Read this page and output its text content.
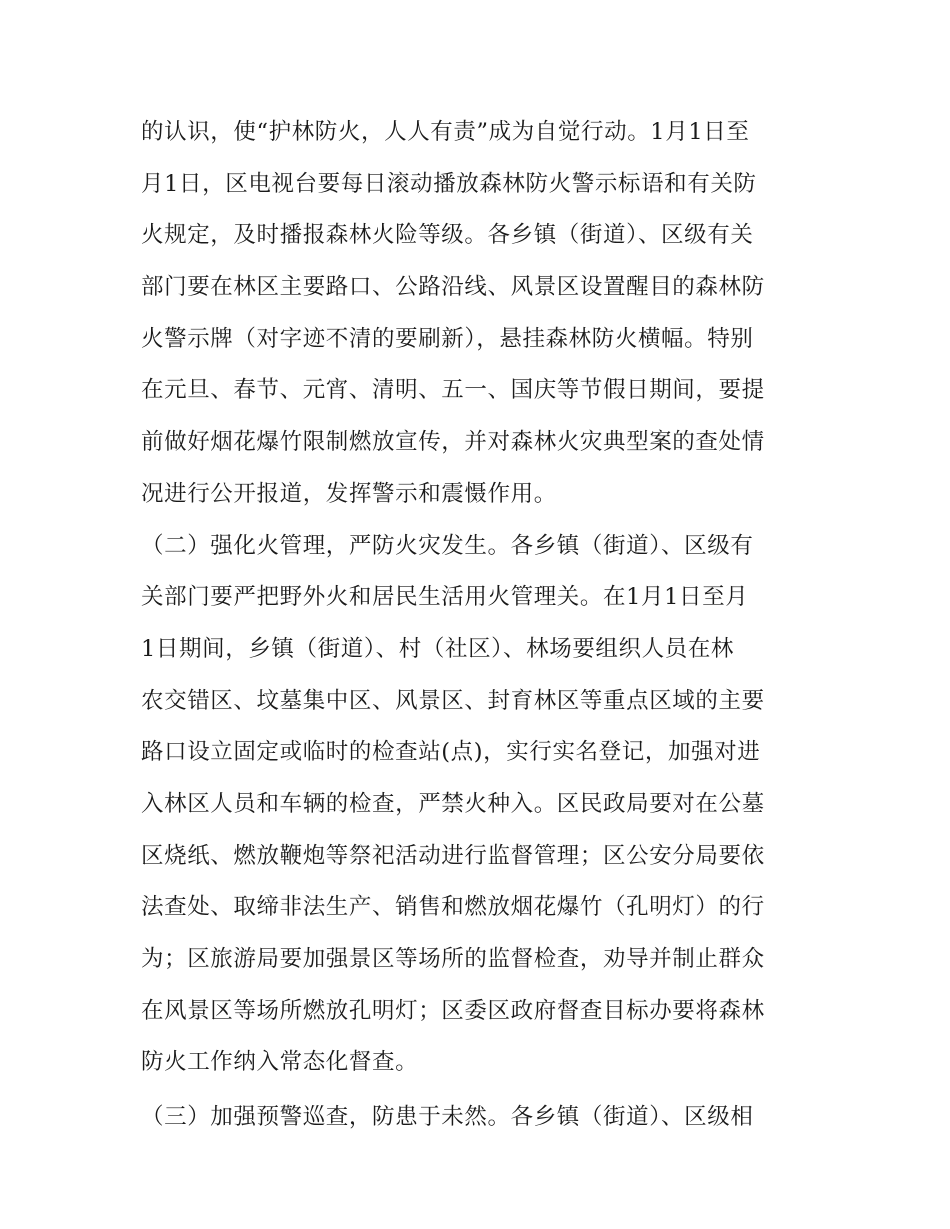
的认识，使“护林防火，人人有责”成为自觉行动。1月1日至
月1日，区电视台要每日滚动播放森林防火警示标语和有关防
火规定，及时播报森林火险等级。各乡镇（街道）、区级有关
部门要在林区主要路口、公路沿线、风景区设置醒目的森林防
火警示牌（对字迹不清的要刷新），悬挂森林防火横幅。特别
在元旦、春节、元宵、清明、五一、国庆等节假日期间，要提
前做好烟花爆竹限制燃放宣传，并对森林火灾典型案的查处情
况进行公开报道，发挥警示和震慑作用。
（二）强化火管理，严防火灾发生。各乡镇（街道）、区级有
关部门要严把野外火和居民生活用火管理关。在1月1日至月
1日期间，乡镇（街道）、村（社区）、林场要组织人员在林
农交错区、坟墓集中区、风景区、封育林区等重点区域的主要
路口设立固定或临时的检查站(点)，实行实名登记，加强对进
入林区人员和车辆的检查，严禁火种入。区民政局要对在公墓
区烧纸、燃放鞭炮等祭祀活动进行监督管理；区公安分局要依
法查处、取缔非法生产、销售和燃放烟花爆竹（孔明灯）的行
为；区旅游局要加强景区等场所的监督检查，劝导并制止群众
在风景区等场所燃放孔明灯；区委区政府督查目标办要将森林
防火工作纳入常态化督查。
（三）加强预警巡查，防患于未然。各乡镇（街道）、区级相
